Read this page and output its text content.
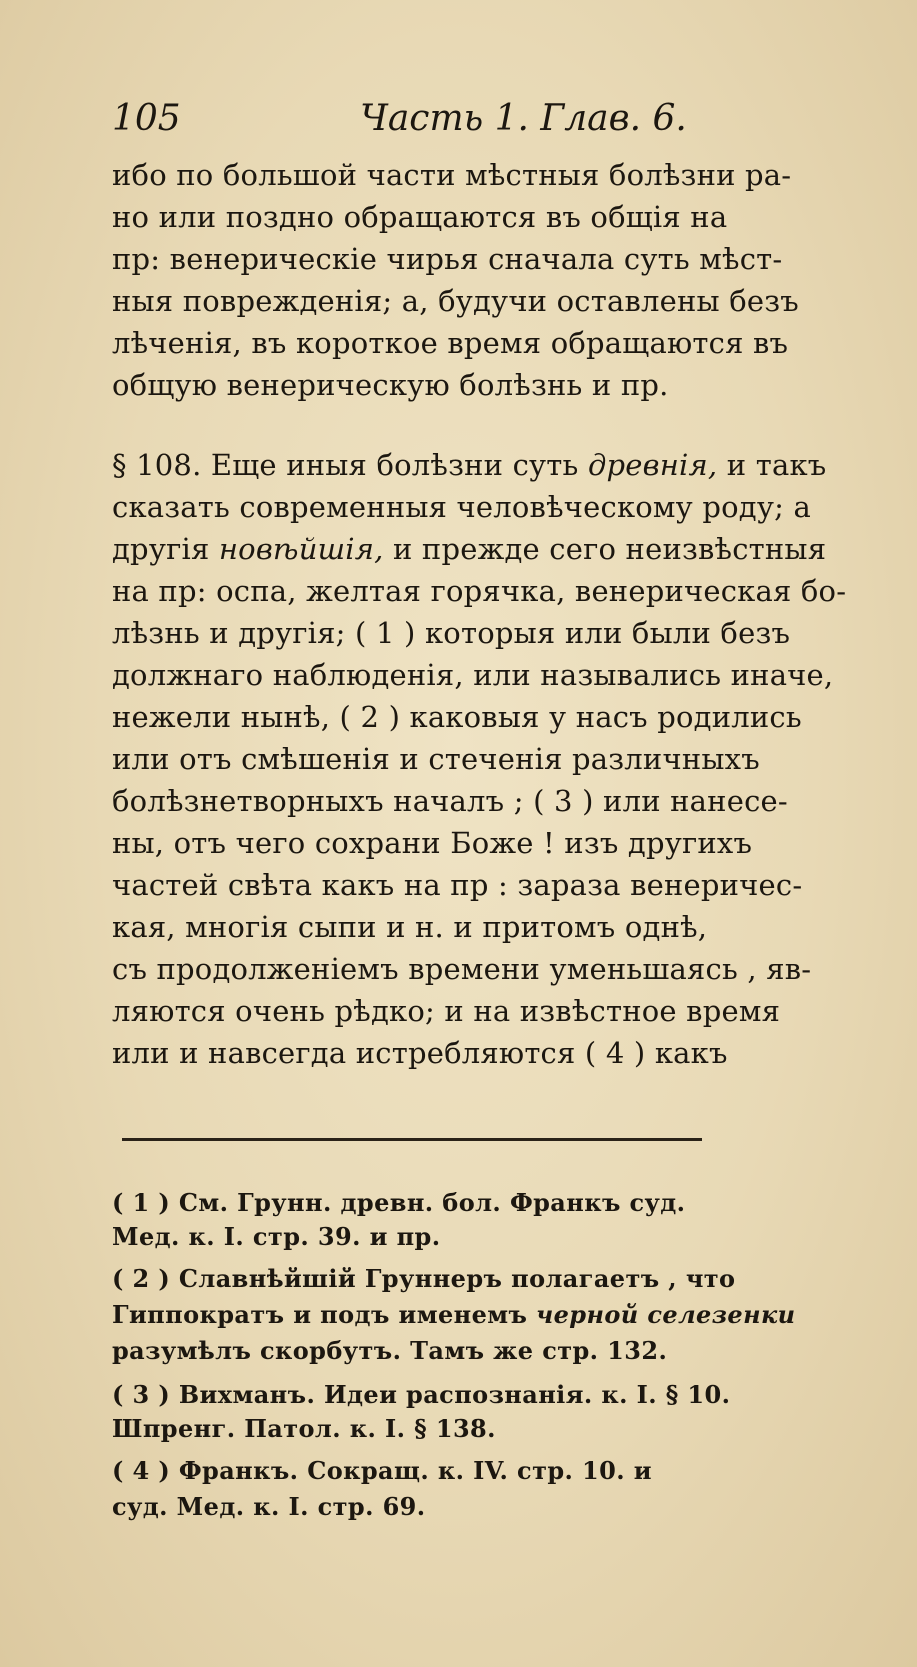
105	Часть 1. Глав. 6.
ибо по большой части мѣстныя болѣзни ра-
но или поздно обращаются въ общія на
пр: венерическіе чирья сначала суть мѣст-
ныя поврежденія; а, будучи оставлены безъ
лѣченія, въ короткое время обращаются въ
общую венерическую болѣзнь и пр.
§ 108. Еще иныя болѣзни суть древнія, и такъ
сказать современныя человѣческому роду; а
другія новѣйшія, и прежде сего неизвѣстныя
на пр: оспа, желтая горячка, венерическая бо-
лѣзнь и другія; ( 1 ) которыя или были безъ
должнаго наблюденія, или назывались иначе,
нежели нынѣ, ( 2 ) каковыя у насъ родились
или отъ смѣшенія и стеченія различныхъ
болѣзнетворныхъ началъ ; ( 3 ) или нанесе-
ны, отъ чего сохрани Боже ! изъ другихъ
частей свѣта какъ на пр : зараза венеричес-
кая, многія сыпи и н. и притомъ однѣ,
съ продолженіемъ времени уменьшаясь , яв-
ляются очень рѣдко; и на извѣстное время
или и навсегда истребляются ( 4 ) какъ
( 1 ) См. Грунн. древн. бол. Франкъ суд.
Мед. к. I. стр. 39. и пр.
( 2 ) Славнѣйшій Груннеръ полагаетъ , что
Гиппократъ и подъ именемъ черной селезенки
разумѣлъ скорбутъ. Тамъ же стр. 132.
( 3 ) Вихманъ. Идеи распознанія. к. I. § 10.
Шпренг. Патол. к. I. § 138.
( 4 ) Франкъ. Сокращ. к. IV. стр. 10. и
суд. Мед. к. I. стр. 69.
